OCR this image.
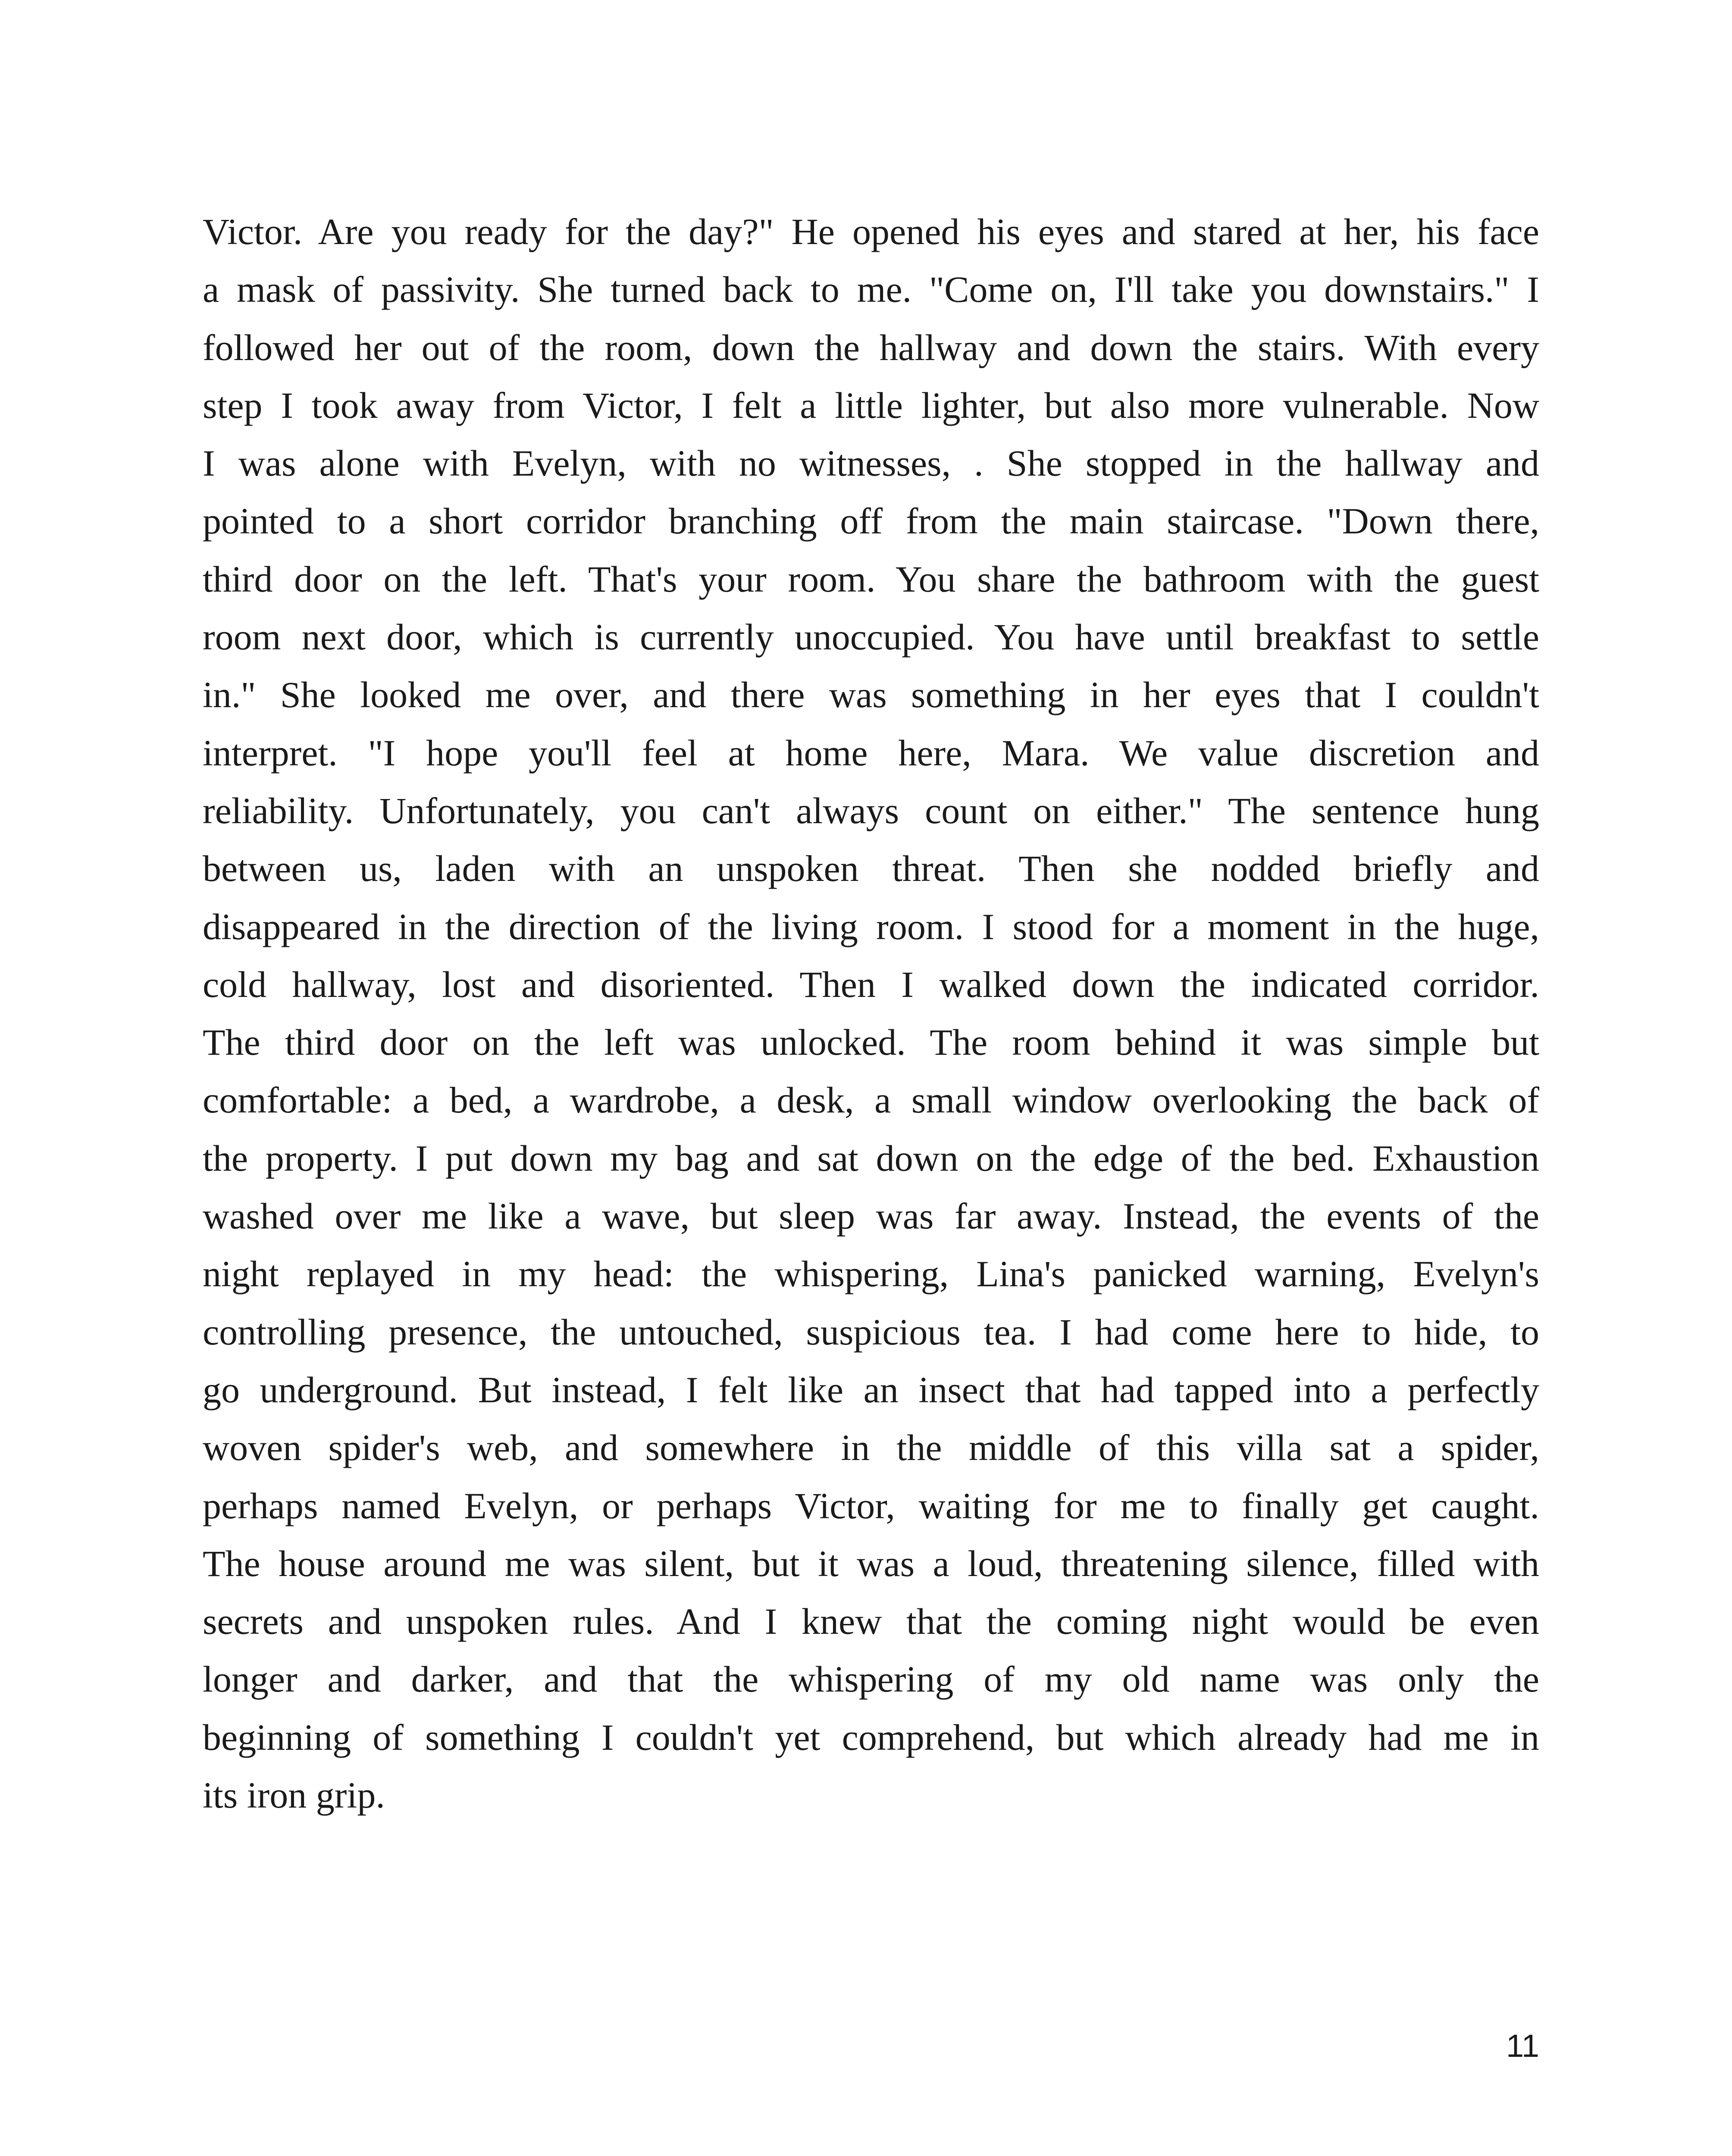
Victor. Are you ready for the day?" He opened his eyes and stared at her, his face
a mask of passivity. She turned back to me. "Come on, I'll take you downstairs." I
followed her out of the room, down the hallway and down the stairs. With every
step I took away from Victor, I felt a little lighter, but also more vulnerable. Now
I was alone with Evelyn, with no witnesses, . She stopped in the hallway and
pointed to a short corridor branching off from the main staircase. "Down there,
third door on the left. That's your room. You share the bathroom with the guest
room next door, which is currently unoccupied. You have until breakfast to settle
in." She looked me over, and there was something in her eyes that I couldn't
interpret. "I hope you'll feel at home here, Mara. We value discretion and
reliability. Unfortunately, you can't always count on either." The sentence hung
between us, laden with an unspoken threat. Then she nodded briefly and
disappeared in the direction of the living room. I stood for a moment in the huge,
cold hallway, lost and disoriented. Then I walked down the indicated corridor.
The third door on the left was unlocked. The room behind it was simple but
comfortable: a bed, a wardrobe, a desk, a small window overlooking the back of
the property. I put down my bag and sat down on the edge of the bed. Exhaustion
washed over me like a wave, but sleep was far away. Instead, the events of the
night replayed in my head: the whispering, Lina's panicked warning, Evelyn's
controlling presence, the untouched, suspicious tea. I had come here to hide, to
go underground. But instead, I felt like an insect that had tapped into a perfectly
woven spider's web, and somewhere in the middle of this villa sat a spider,
perhaps named Evelyn, or perhaps Victor, waiting for me to finally get caught.
The house around me was silent, but it was a loud, threatening silence, filled with
secrets and unspoken rules. And I knew that the coming night would be even
longer and darker, and that the whispering of my old name was only the
beginning of something I couldn't yet comprehend, but which already had me in
its iron grip.
11
